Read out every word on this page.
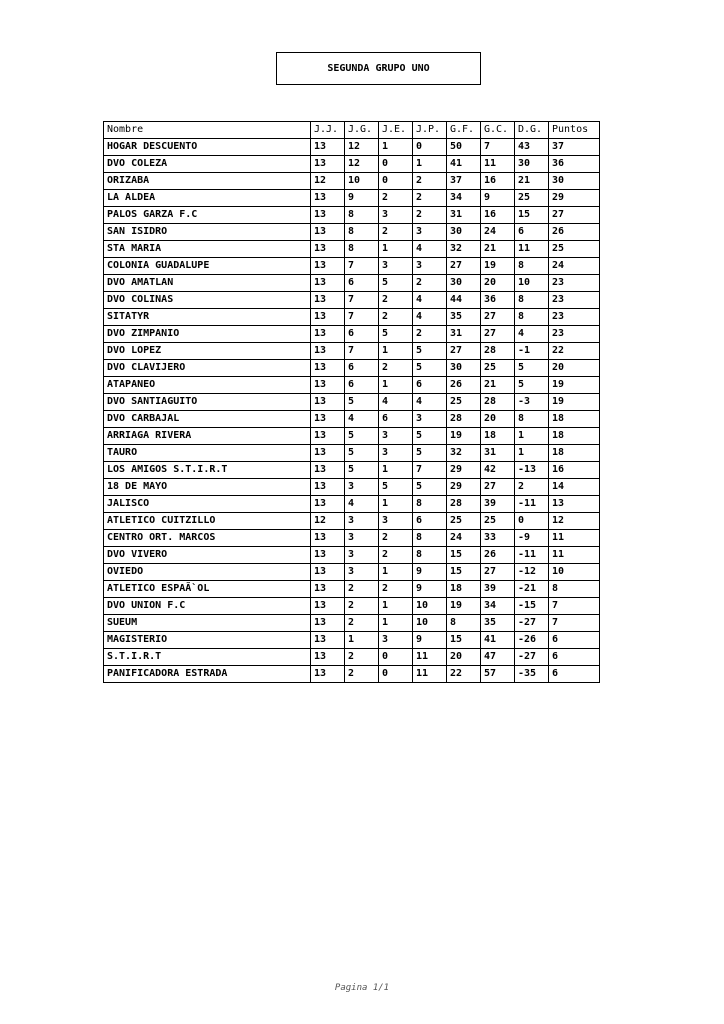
SEGUNDA GRUPO UNO
Nombre	J.J.	J.G.	J.E.	J.P.	G.F.	G.C.	D.G.	Puntos
HOGAR DESCUENTO	13	12	1	0	50	7	43	37
DVO COLEZA	13	12	0	1	41	11	30	36
ORIZABA	12	10	0	2	37	16	21	30
LA ALDEA	13	9	2	2	34	9	25	29
PALOS GARZA F.C	13	8	3	2	31	16	15	27
SAN ISIDRO	13	8	2	3	30	24	6	26
STA MARIA	13	8	1	4	32	21	11	25
COLONIA GUADALUPE	13	7	3	3	27	19	8	24
DVO AMATLAN	13	6	5	2	30	20	10	23
DVO COLINAS	13	7	2	4	44	36	8	23
SITATYR	13	7	2	4	35	27	8	23
DVO ZIMPANIO	13	6	5	2	31	27	4	23
DVO LOPEZ	13	7	1	5	27	28	-1	22
DVO CLAVIJERO	13	6	2	5	30	25	5	20
ATAPANEO	13	6	1	6	26	21	5	19
DVO SANTIAGUITO	13	5	4	4	25	28	-3	19
DVO CARBAJAL	13	4	6	3	28	20	8	18
ARRIAGA RIVERA	13	5	3	5	19	18	1	18
TAURO	13	5	3	5	32	31	1	18
LOS AMIGOS S.T.I.R.T	13	5	1	7	29	42	-13	16
18 DE MAYO	13	3	5	5	29	27	2	14
JALISCO	13	4	1	8	28	39	-11	13
ATLETICO CUITZILLO	12	3	3	6	25	25	0	12
CENTRO ORT. MARCOS	13	3	2	8	24	33	-9	11
DVO VIVERO	13	3	2	8	15	26	-11	11
OVIEDO	13	3	1	9	15	27	-12	10
ATLETICO ESPAÃ`OL	13	2	2	9	18	39	-21	8
DVO UNION F.C	13	2	1	10	19	34	-15	7
SUEUM	13	2	1	10	8	35	-27	7
MAGISTERIO	13	1	3	9	15	41	-26	6
S.T.I.R.T	13	2	0	11	20	47	-27	6
PANIFICADORA ESTRADA	13	2	0	11	22	57	-35	6
Pagina 1/1
